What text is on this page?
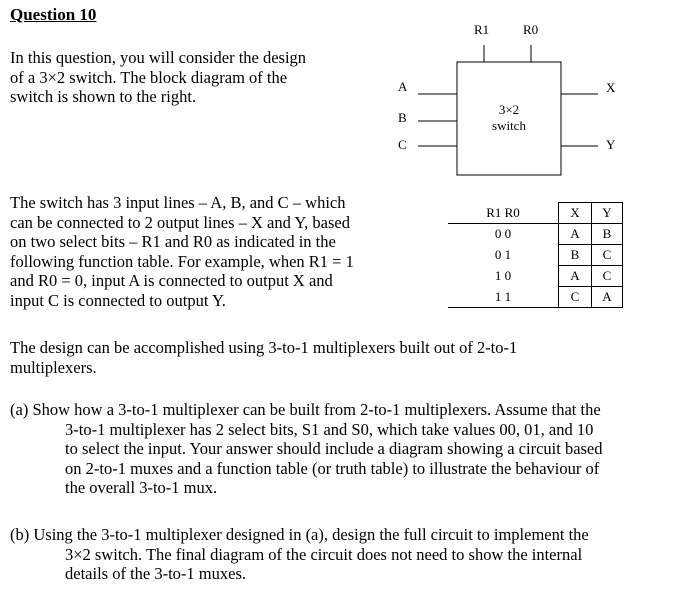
Question 10
In this question, you will consider the design
of a 3×2 switch. The block diagram of the
switch is shown to the right.
R1	R0
A
B
C
X
Y
3×2
switch
The switch has 3 input lines – A, B, and C – which
can be connected to 2 output lines – X and Y, based
on two select bits – R1 and R0 as indicated in the
following function table. For example, when R1 = 1
and R0 = 0, input A is connected to output X and
input C is connected to output Y.
R1 R0	X	Y
0 0	A	B
0 1	B	C
1 0	A	C
1 1	C	A
The design can be accomplished using 3-to-1 multiplexers built out of 2-to-1
multiplexers.
(a) Show how a 3-to-1 multiplexer can be built from 2-to-1 multiplexers. Assume that the
3-to-1 multiplexer has 2 select bits, S1 and S0, which take values 00, 01, and 10
to select the input. Your answer should include a diagram showing a circuit based
on 2-to-1 muxes and a function table (or truth table) to illustrate the behaviour of
the overall 3-to-1 mux.
(b) Using the 3-to-1 multiplexer designed in (a), design the full circuit to implement the
3×2 switch. The final diagram of the circuit does not need to show the internal
details of the 3-to-1 muxes.
